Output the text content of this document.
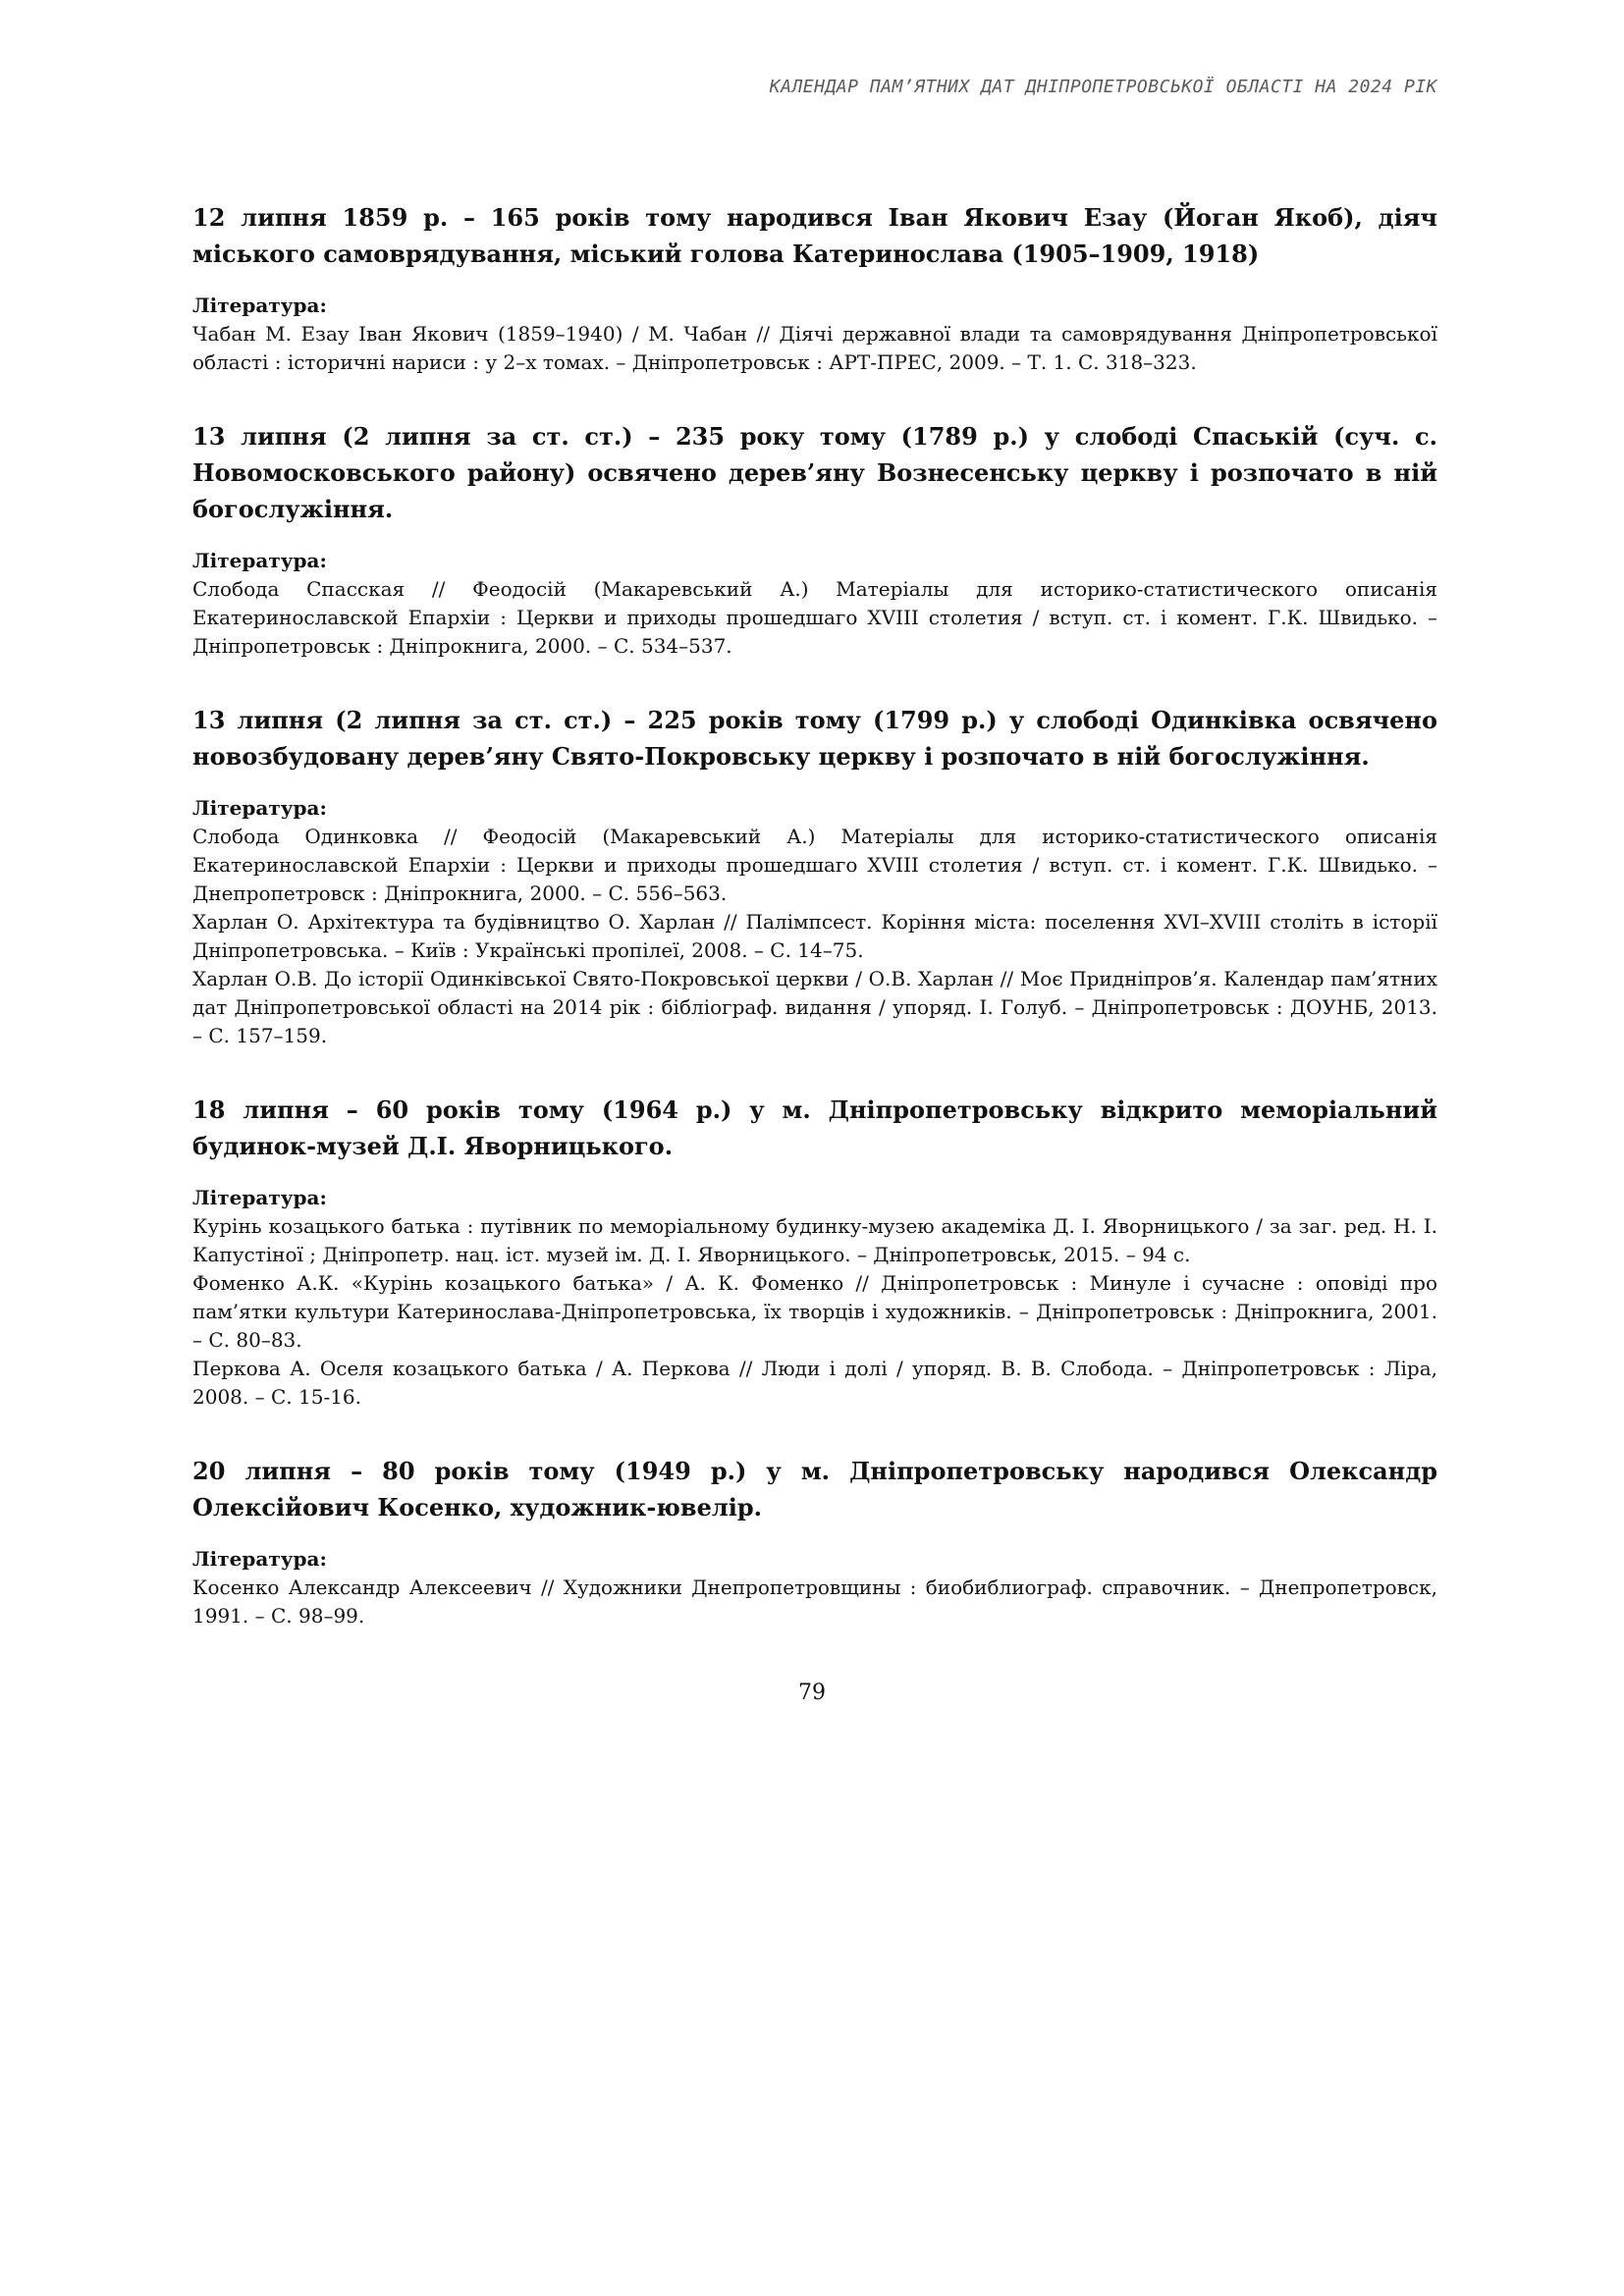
КАЛЕНДАР ПАМ’ЯТНИХ ДАТ ДНІПРОПЕТРОВСЬКОЇ ОБЛАСТІ НА 2024 РІК

12 липня 1859 р. – 165 років тому народився Іван Якович Езау (Йоган Якоб), діяч міського самоврядування, міський голова Катеринослава (1905–1909, 1918)

Література:

Чабан М. Езау Іван Якович (1859–1940) / М. Чабан // Діячі державної влади та самоврядування Дніпропетровської області : історичні нариси : у 2–х томах. – Дніпропетровськ : АРТ-ПРЕС, 2009. – Т. 1. С. 318–323.

13 липня (2 липня за ст. ст.) – 235 року тому (1789 р.) у слободі Спаській (суч. с. Новомосковського району) освячено дерев’яну Вознесенську церкву і розпочато в ній богослужіння.

Література:

Слобода Спасская // Феодосій (Макаревський А.) Матеріалы для историко-статистического описанія Екатеринославской Епархіи : Церкви и приходы прошедшаго XVIII столетия / вступ. ст. і комент. Г.К. Швидько. – Дніпропетровськ : Дніпрокнига, 2000. – С. 534–537.

13 липня (2 липня за ст. ст.) – 225 років тому (1799 р.) у слободі Одинківка освячено новозбудовану дерев’яну Свято-Покровську церкву і розпочато в ній богослужіння.

Література:

Слобода Одинковка // Феодосій (Макаревський А.) Матеріалы для историко-статистического описанія Екатеринославской Епархіи : Церкви и приходы прошедшаго XVIII столетия / вступ. ст. і комент. Г.К. Швидько. – Днепропетровск : Дніпрокнига, 2000. – С. 556–563.

Харлан О. Архітектура та будівництво О. Харлан // Палімпсест. Коріння міста: поселення XVI–XVIII століть в історії Дніпропетровська. – Київ : Українські пропілеї, 2008. – С. 14–75.

Харлан О.В. До історії Одинківської Свято-Покровської церкви / О.В. Харлан // Моє Придніпров’я. Календар пам’ятних дат Дніпропетровської області на 2014 рік : бібліограф. видання / упоряд. І. Голуб. – Дніпропетровськ : ДОУНБ, 2013. – С. 157–159.

18 липня – 60 років тому (1964 р.) у м. Дніпропетровську відкрито меморіальний будинок-музей Д.І. Яворницького.

Література:

Курінь козацького батька : путівник по меморіальному будинку-музею академіка Д. І. Яворницького / за заг. ред. Н. І. Капустіної ; Дніпропетр. нац. іст. музей ім. Д. І. Яворницького. – Дніпропетровськ, 2015. – 94 с.

Фоменко А.К. «Курінь козацького батька» / А. К. Фоменко // Дніпропетровськ : Минуле і сучасне : оповіді про пам’ятки культури Катеринослава-Дніпропетровська, їх творців і художників. – Дніпропетровськ : Дніпрокнига, 2001. – С. 80–83.

Перкова А. Оселя козацького батька / А. Перкова // Люди і долі / упоряд. В. В. Слобода. – Дніпропетровськ : Ліра, 2008. – С. 15-16.

20 липня – 80 років тому (1949 р.) у м. Дніпропетровську народився Олександр Олексійович Косенко, художник-ювелір.

Література:

Косенко Александр Алексеевич // Художники Днепропетровщины : биобиблиограф. справочник. – Днепропетровск, 1991. – С. 98–99.

79
